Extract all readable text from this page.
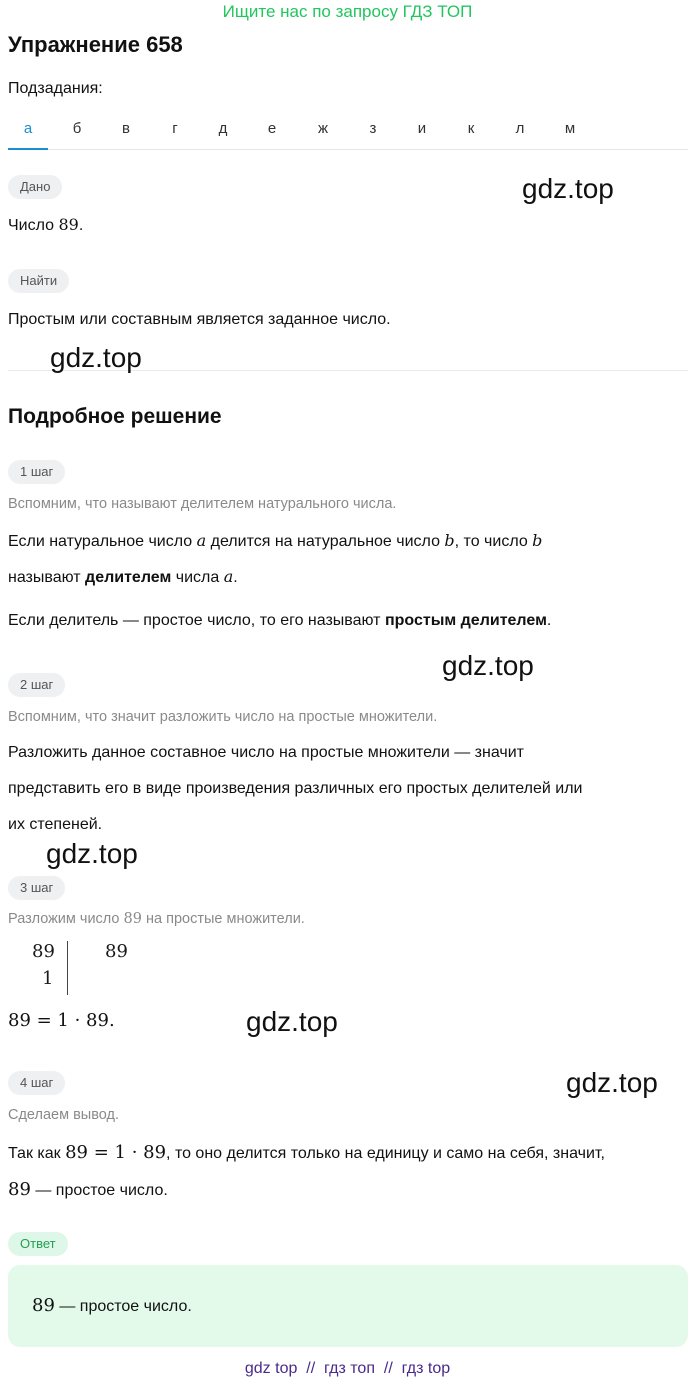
Ищите нас по запросу ГДЗ ТОП
Упражнение 658
Подзадания:
а	б	в	г	д	е	ж	з	и	к	л	м
Дано
Число 89.
Найти
Простым или составным является заданное число.
Подробное решение
1 шаг
Вспомним, что называют делителем натурального числа.
Если натуральное число a делится на натуральное число b, то число b
называют делителем числа a.
Если делитель — простое число, то его называют простым делителем.
2 шаг
Вспомним, что значит разложить число на простые множители.
Разложить данное составное число на простые множители — значит
представить его в виде произведения различных его простых делителей или
их степеней.
3 шаг
Разложим число 89 на простые множители.
89
1
89
89 = 1 · 89.
4 шаг
Сделаем вывод.
Так как 89 = 1 · 89, то оно делится только на единицу и само на себя, значит,
89 — простое число.
Ответ
89 — простое число.
gdz.top
gdz.top
gdz.top
gdz.top
gdz.top
gdz.top
gdz top  //  гдз топ  //  гдз top
